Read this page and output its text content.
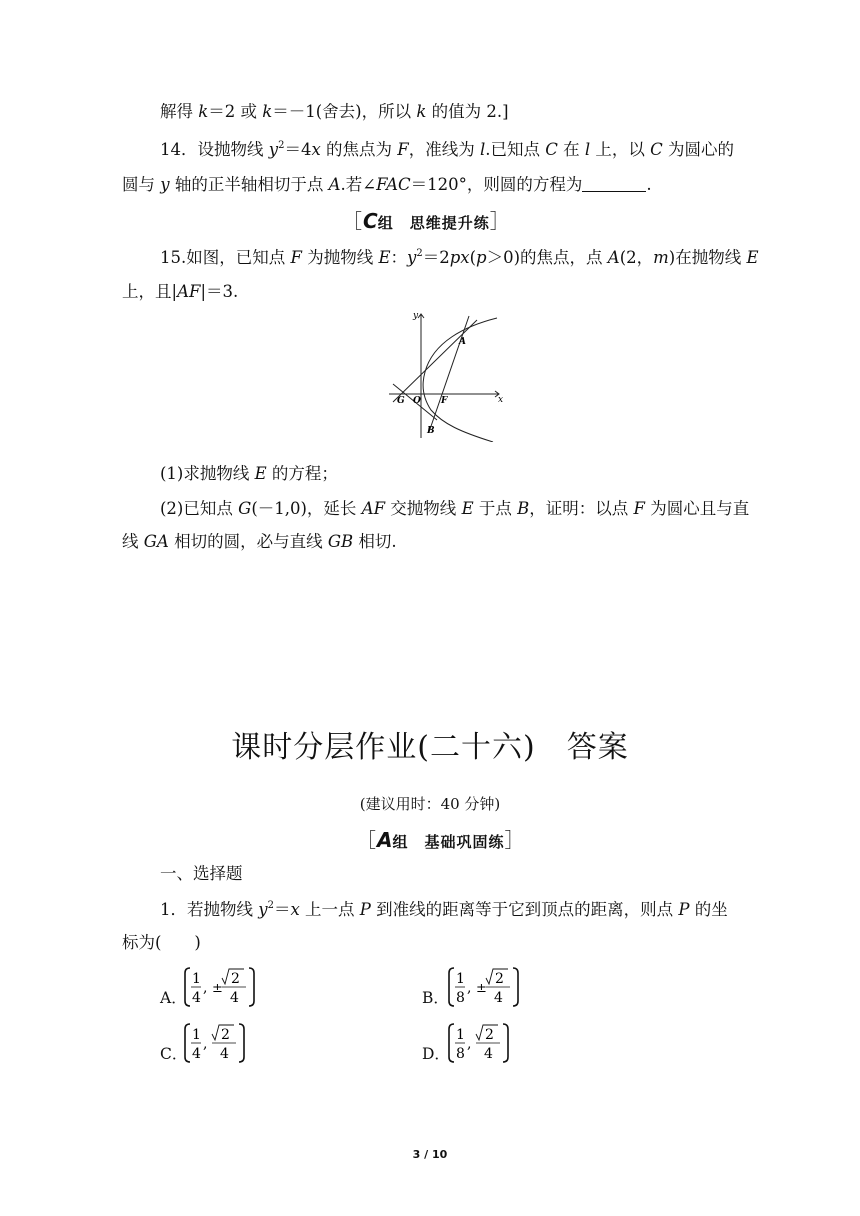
解得 k＝2 或 k＝－1(舍去)，所以 k 的值为 2.]
14．设抛物线 $y^2=4x$ 的焦点为 F，准线为 l.已知点 C 在 l 上，以 C 为圆心的
圆与 y 轴的正半轴相切于点 A.若∠FAC＝120°，则圆的方程为	.
［C组　思维提升练］
15.如图，已知点 F 为抛物线 E：$y^2=2px(p>0)$的焦点，点 A(2，m)在抛物线 E
上，且|AF|＝3.
y
x
A
B
G O F
(1)求抛物线 E 的方程；
(2)已知点 G(－1,0)，延长 AF 交抛物线 E 于点 B，证明：以点 F 为圆心且与直
线 GA 相切的圆，必与直线 GB 相切.
课时分层作业(二十六)　答案
(建议用时：40 分钟)
［A组　基础巩固练］
一、选择题
1．若抛物线 $y^2=x$ 上一点 P 到准线的距离等于它到顶点的距离，则点 P 的坐
标为(　　)
A．
1
4
, ±
2
4	B．
1
8
, ±
2
4
C．
1
4
,
2
4	D．
1
8
,
2
4
3 / 10
